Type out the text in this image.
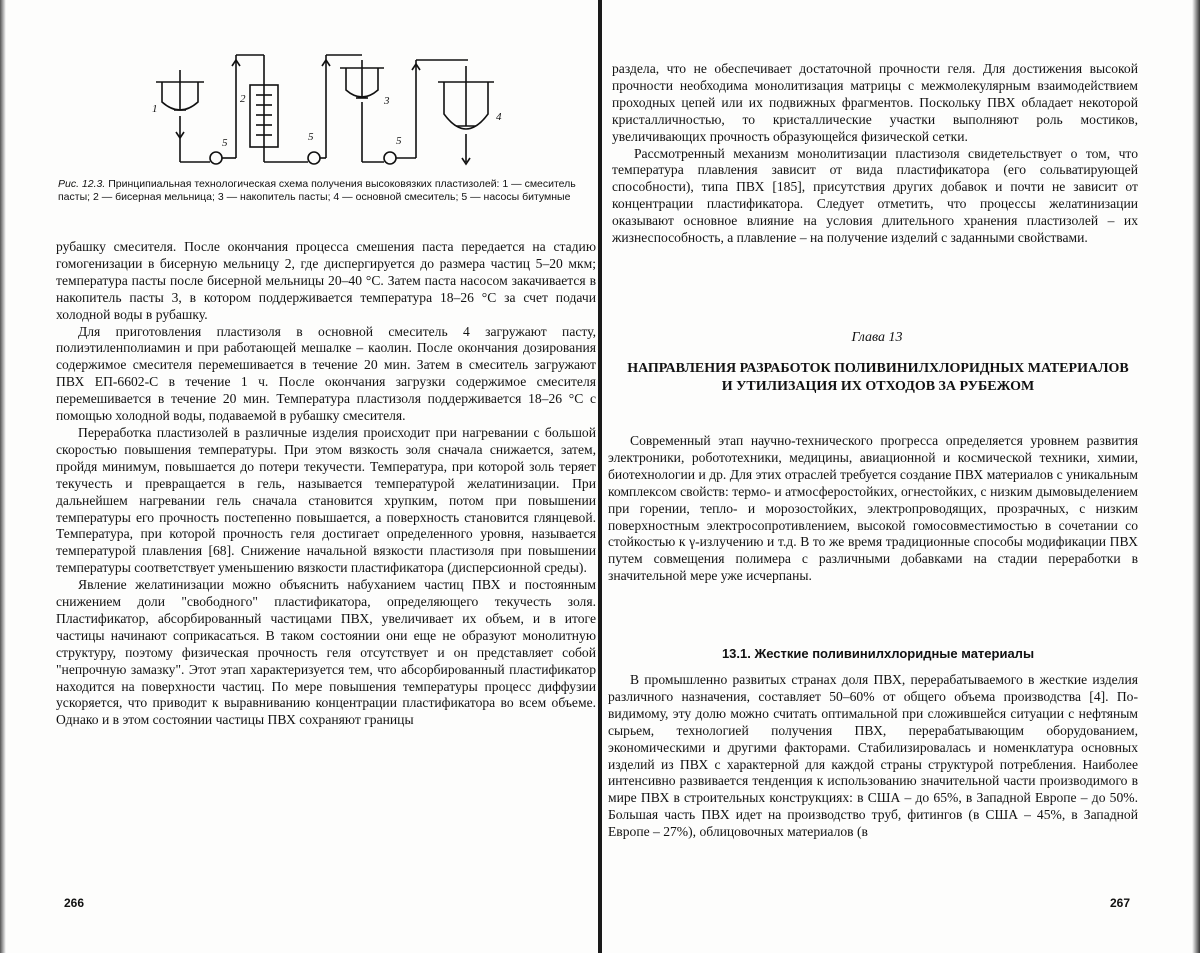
1
2	3
4
5	5	5
Рис. 12.3. Принципиальная технологическая схема получения высоковязких пластизолей: 1 — смеситель пасты; 2 — бисерная мельница; 3 — накопитель пасты; 4 — основной смеситель; 5 — насосы битумные

рубашку смесителя. После окончания процесса смешения паста передается на стадию гомогенизации в бисерную мельницу 2, где диспергируется до размера частиц 5–20 мкм; температура пасты после бисерной мельницы 20–40 °С. Затем паста насосом закачивается в накопитель пасты 3, в котором поддерживается температура 18–26 °С за счет подачи холодной воды в рубашку.

Для приготовления пластизоля в основной смеситель 4 загружают пасту, полиэтиленполиамин и при работающей мешалке – каолин. После окончания дозирования содержимое смесителя перемешивается в течение 20 мин. Затем в смеситель загружают ПВХ ЕП-6602-С в течение 1 ч. После окончания загрузки содержимое смесителя перемешивается в течение 20 мин. Температура пластизоля поддерживается 18–26 °С с помощью холодной воды, подаваемой в рубашку смесителя.

Переработка пластизолей в различные изделия происходит при нагревании с большой скоростью повышения температуры. При этом вязкость золя сначала снижается, затем, пройдя минимум, повышается до потери текучести. Температура, при которой золь теряет текучесть и превращается в гель, называется температурой желатинизации. При дальнейшем нагревании гель сначала становится хрупким, потом при повышении температуры его прочность постепенно повышается, а поверхность становится глянцевой. Температура, при которой прочность геля достигает определенного уровня, называется температурой плавления [68]. Снижение начальной вязкости пластизоля при повышении температуры соответствует уменьшению вязкости пластификатора (дисперсионной среды).

Явление желатинизации можно объяснить набуханием частиц ПВХ и постоянным снижением доли "свободного" пластификатора, определяющего текучесть золя. Пластификатор, абсорбированный частицами ПВХ, увеличивает их объем, и в итоге частицы начинают соприкасаться. В таком состоянии они еще не образуют монолитную структуру, поэтому физическая прочность геля отсутствует и он представляет собой "непрочную замазку". Этот этап характеризуется тем, что абсорбированный пластификатор находится на поверхности частиц. По мере повышения температуры процесс диффузии ускоряется, что приводит к выравниванию концентрации пластификатора во всем объеме. Однако и в этом состоянии частицы ПВХ сохраняют границы

266

раздела, что не обеспечивает достаточной прочности геля. Для достижения высокой прочности необходима монолитизация матрицы с межмолекулярным взаимодействием проходных цепей или их подвижных фрагментов. Поскольку ПВХ обладает некоторой кристалличностью, то кристаллические участки выполняют роль мостиков, увеличивающих прочность образующейся физической сетки.

Рассмотренный механизм монолитизации пластизоля свидетельствует о том, что температура плавления зависит от вида пластификатора (его сольватирующей способности), типа ПВХ [185], присутствия других добавок и почти не зависит от концентрации пластификатора. Следует отметить, что процессы желатинизации оказывают основное влияние на условия длительного хранения пластизолей – их жизнеспособность, а плавление – на получение изделий с заданными свойствами.

Глава 13
НАПРАВЛЕНИЯ РАЗРАБОТОК ПОЛИВИНИЛХЛОРИДНЫХ МАТЕРИАЛОВ
И УТИЛИЗАЦИЯ ИХ ОТХОДОВ ЗА РУБЕЖОМ

Современный этап научно-технического прогресса определяется уровнем развития электроники, робототехники, медицины, авиационной и космической техники, химии, биотехнологии и др. Для этих отраслей требуется создание ПВХ материалов с уникальным комплексом свойств: термо- и атмосферостойких, огнестойких, с низким дымовыделением при горении, тепло- и морозостойких, электропроводящих, прозрачных, с низким поверхностным электросопротивлением, высокой гомосовместимостью в сочетании со стойкостью к γ-излучению и т.д. В то же время традиционные способы модификации ПВХ путем совмещения полимера с различными добавками на стадии переработки в значительной мере уже исчерпаны.

13.1. Жесткие поливинилхлоридные материалы

В промышленно развитых странах доля ПВХ, перерабатываемого в жесткие изделия различного назначения, составляет 50–60% от общего объема производства [4]. По-видимому, эту долю можно считать оптимальной при сложившейся ситуации с нефтяным сырьем, технологией получения ПВХ, перерабатывающим оборудованием, экономическими и другими факторами. Стабилизировалась и номенклатура основных изделий из ПВХ с характерной для каждой страны структурой потребления. Наиболее интенсивно развивается тенденция к использованию значительной части производимого в мире ПВХ в строительных конструкциях: в США – до 65%, в Западной Европе – до 50%. Большая часть ПВХ идет на производство труб, фитингов (в США – 45%, в Западной Европе – 27%), облицовочных материалов (в

267
